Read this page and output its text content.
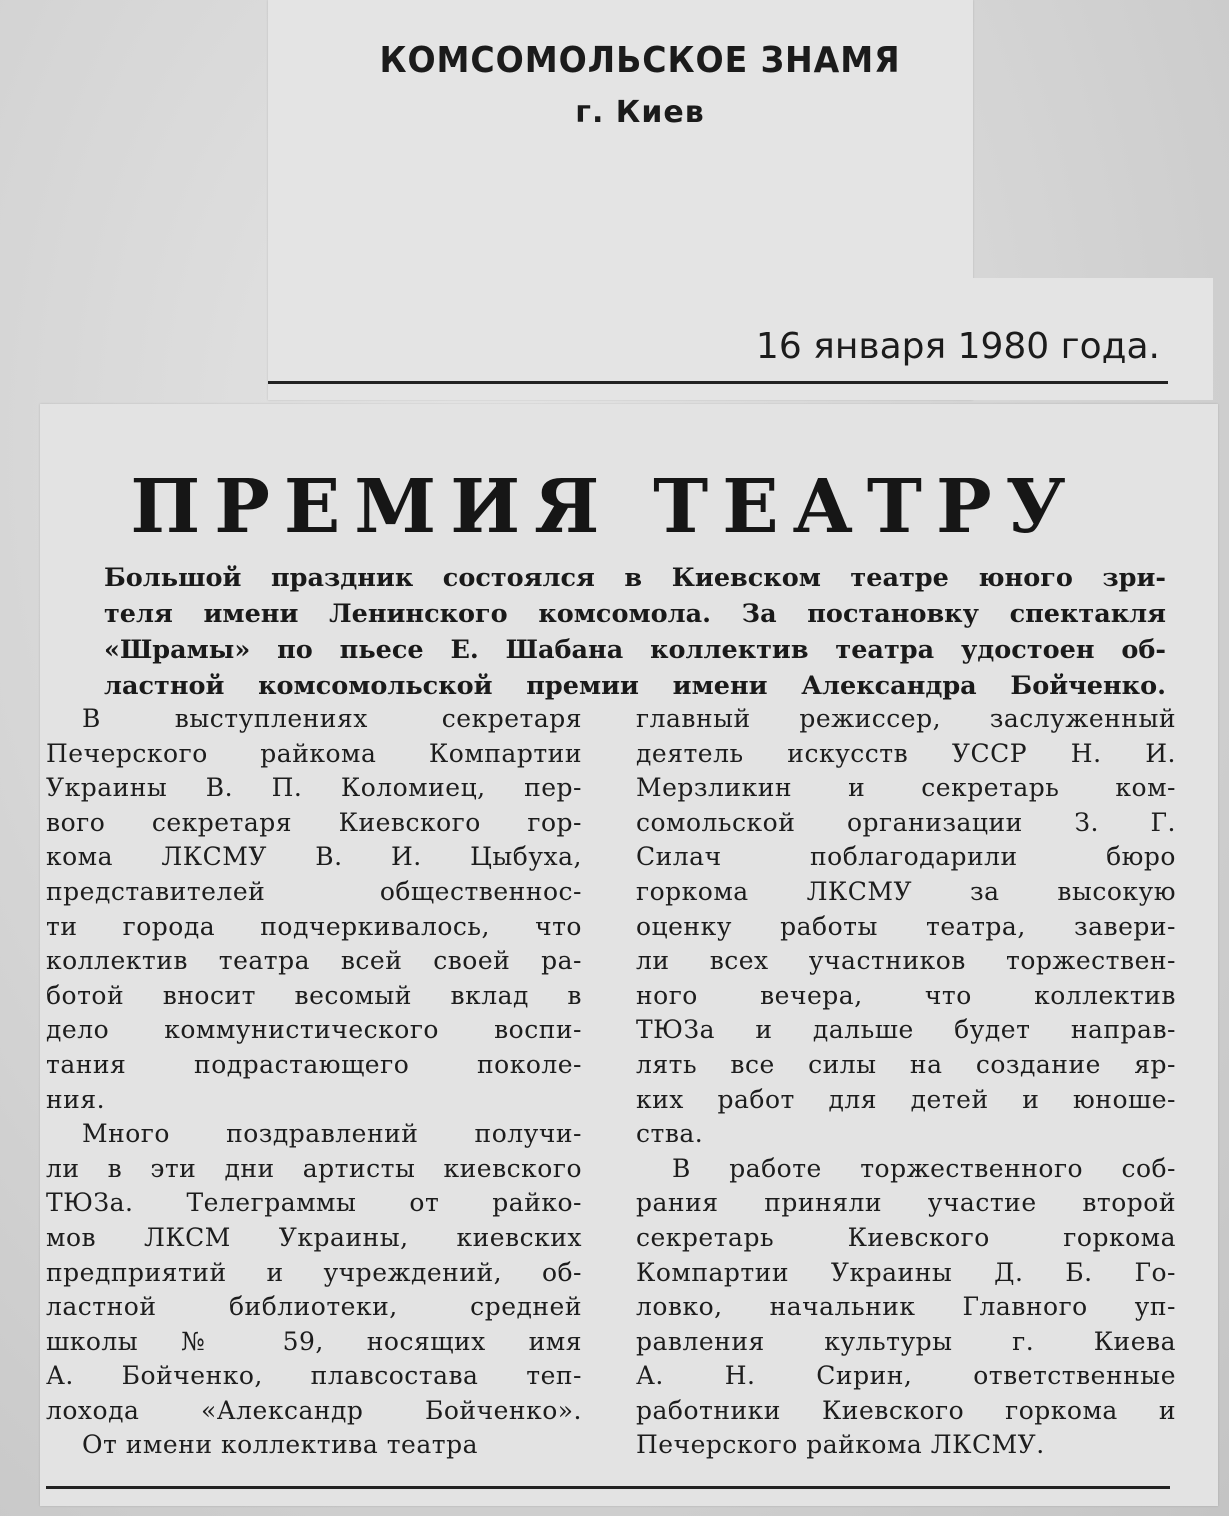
КОМСОМОЛЬСКОЕ ЗНАМЯ
г. Киев
16 января 1980 года.
ПРЕМИЯ ТЕАТРУ
Большой праздник состоялся в Киевском театре юного зри-
теля имени Ленинского комсомола. За постановку спектакля
«Шрамы» по пьесе Е. Шабана коллектив театра удостоен об-
ластной комсомольской премии имени Александра Бойченко.
В выступлениях секретаря
Печерского райкома Компартии
Украины В. П. Коломиец, пер-
вого секретаря Киевского гор-
кома ЛКСМУ В. И. Цыбуха,
представителей общественнос-
ти города подчеркивалось, что
коллектив театра всей своей ра-
ботой вносит весомый вклад в
дело коммунистического воспи-
тания подрастающего поколе-
ния.
Много поздравлений получи-
ли в эти дни артисты киевского
ТЮЗа. Телеграммы от райко-
мов ЛКСМ Украины, киевских
предприятий и учреждений, об-
ластной библиотеки, средней
школы № 59, носящих имя
А. Бойченко, плавсостава теп-
лохода «Александр Бойченко».
От имени коллектива театра
главный режиссер, заслуженный
деятель искусств УССР Н. И.
Мерзликин и секретарь ком-
сомольской организации З. Г.
Силач поблагодарили бюро
горкома ЛКСМУ за высокую
оценку работы театра, завери-
ли всех участников торжествен-
ного вечера, что коллектив
ТЮЗа и дальше будет направ-
лять все силы на создание яр-
ких работ для детей и юноше-
ства.
В работе торжественного соб-
рания приняли участие второй
секретарь Киевского горкома
Компартии Украины Д. Б. Го-
ловко, начальник Главного уп-
равления культуры г. Киева
А. Н. Сирин, ответственные
работники Киевского горкома и
Печерского райкома ЛКСМУ.
